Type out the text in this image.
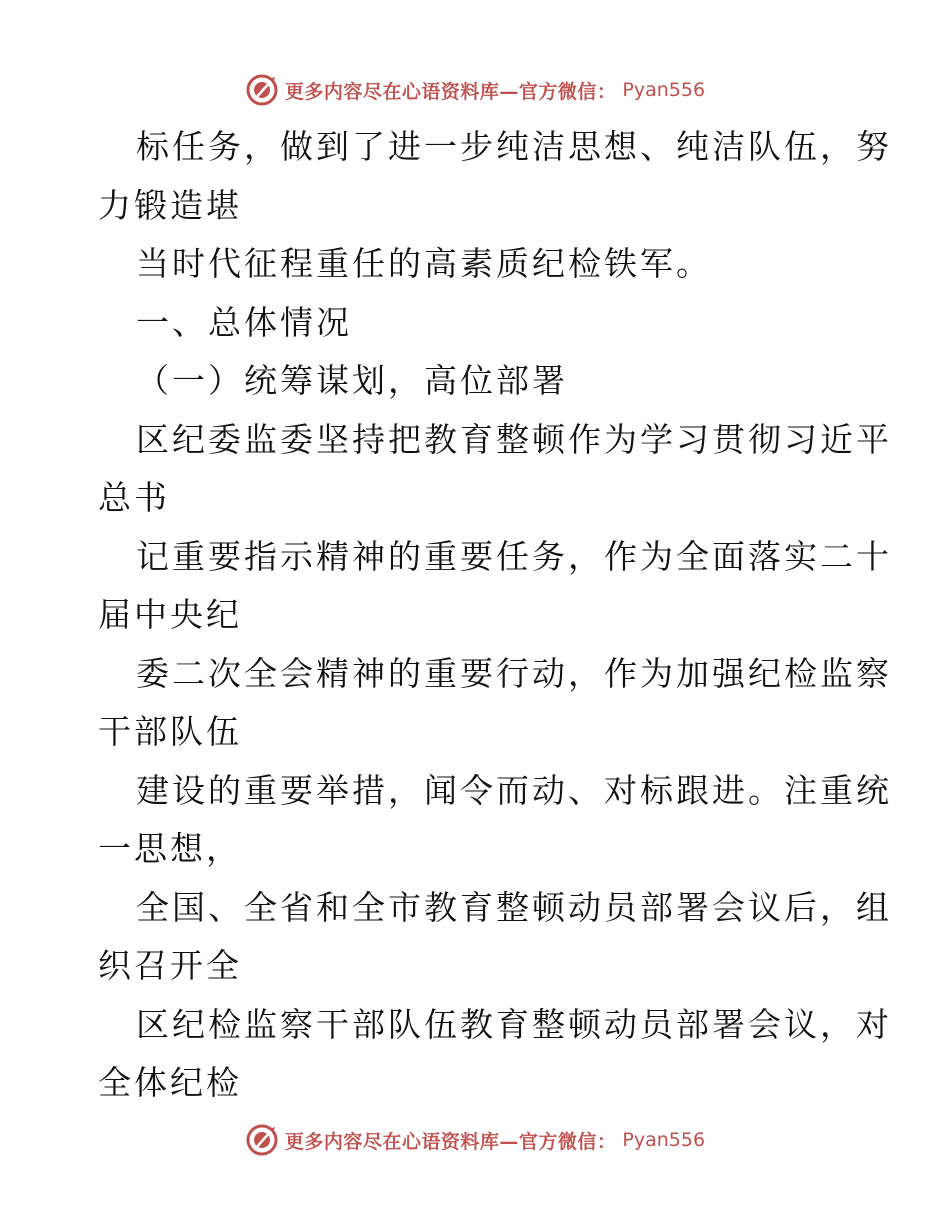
更多内容尽在心语资料库—官方微信： Pyan556

标任务，做到了进一步纯洁思想、纯洁队伍，努

力锻造堪

当时代征程重任的高素质纪检铁军。

一、总体情况

（一）统筹谋划，高位部署

区纪委监委坚持把教育整顿作为学习贯彻习近平

总书

记重要指示精神的重要任务，作为全面落实二十

届中央纪

委二次全会精神的重要行动，作为加强纪检监察

干部队伍

建设的重要举措，闻令而动、对标跟进。注重统

一思想，

全国、全省和全市教育整顿动员部署会议后，组

织召开全

区纪检监察干部队伍教育整顿动员部署会议，对

全体纪检

更多内容尽在心语资料库—官方微信： Pyan556
